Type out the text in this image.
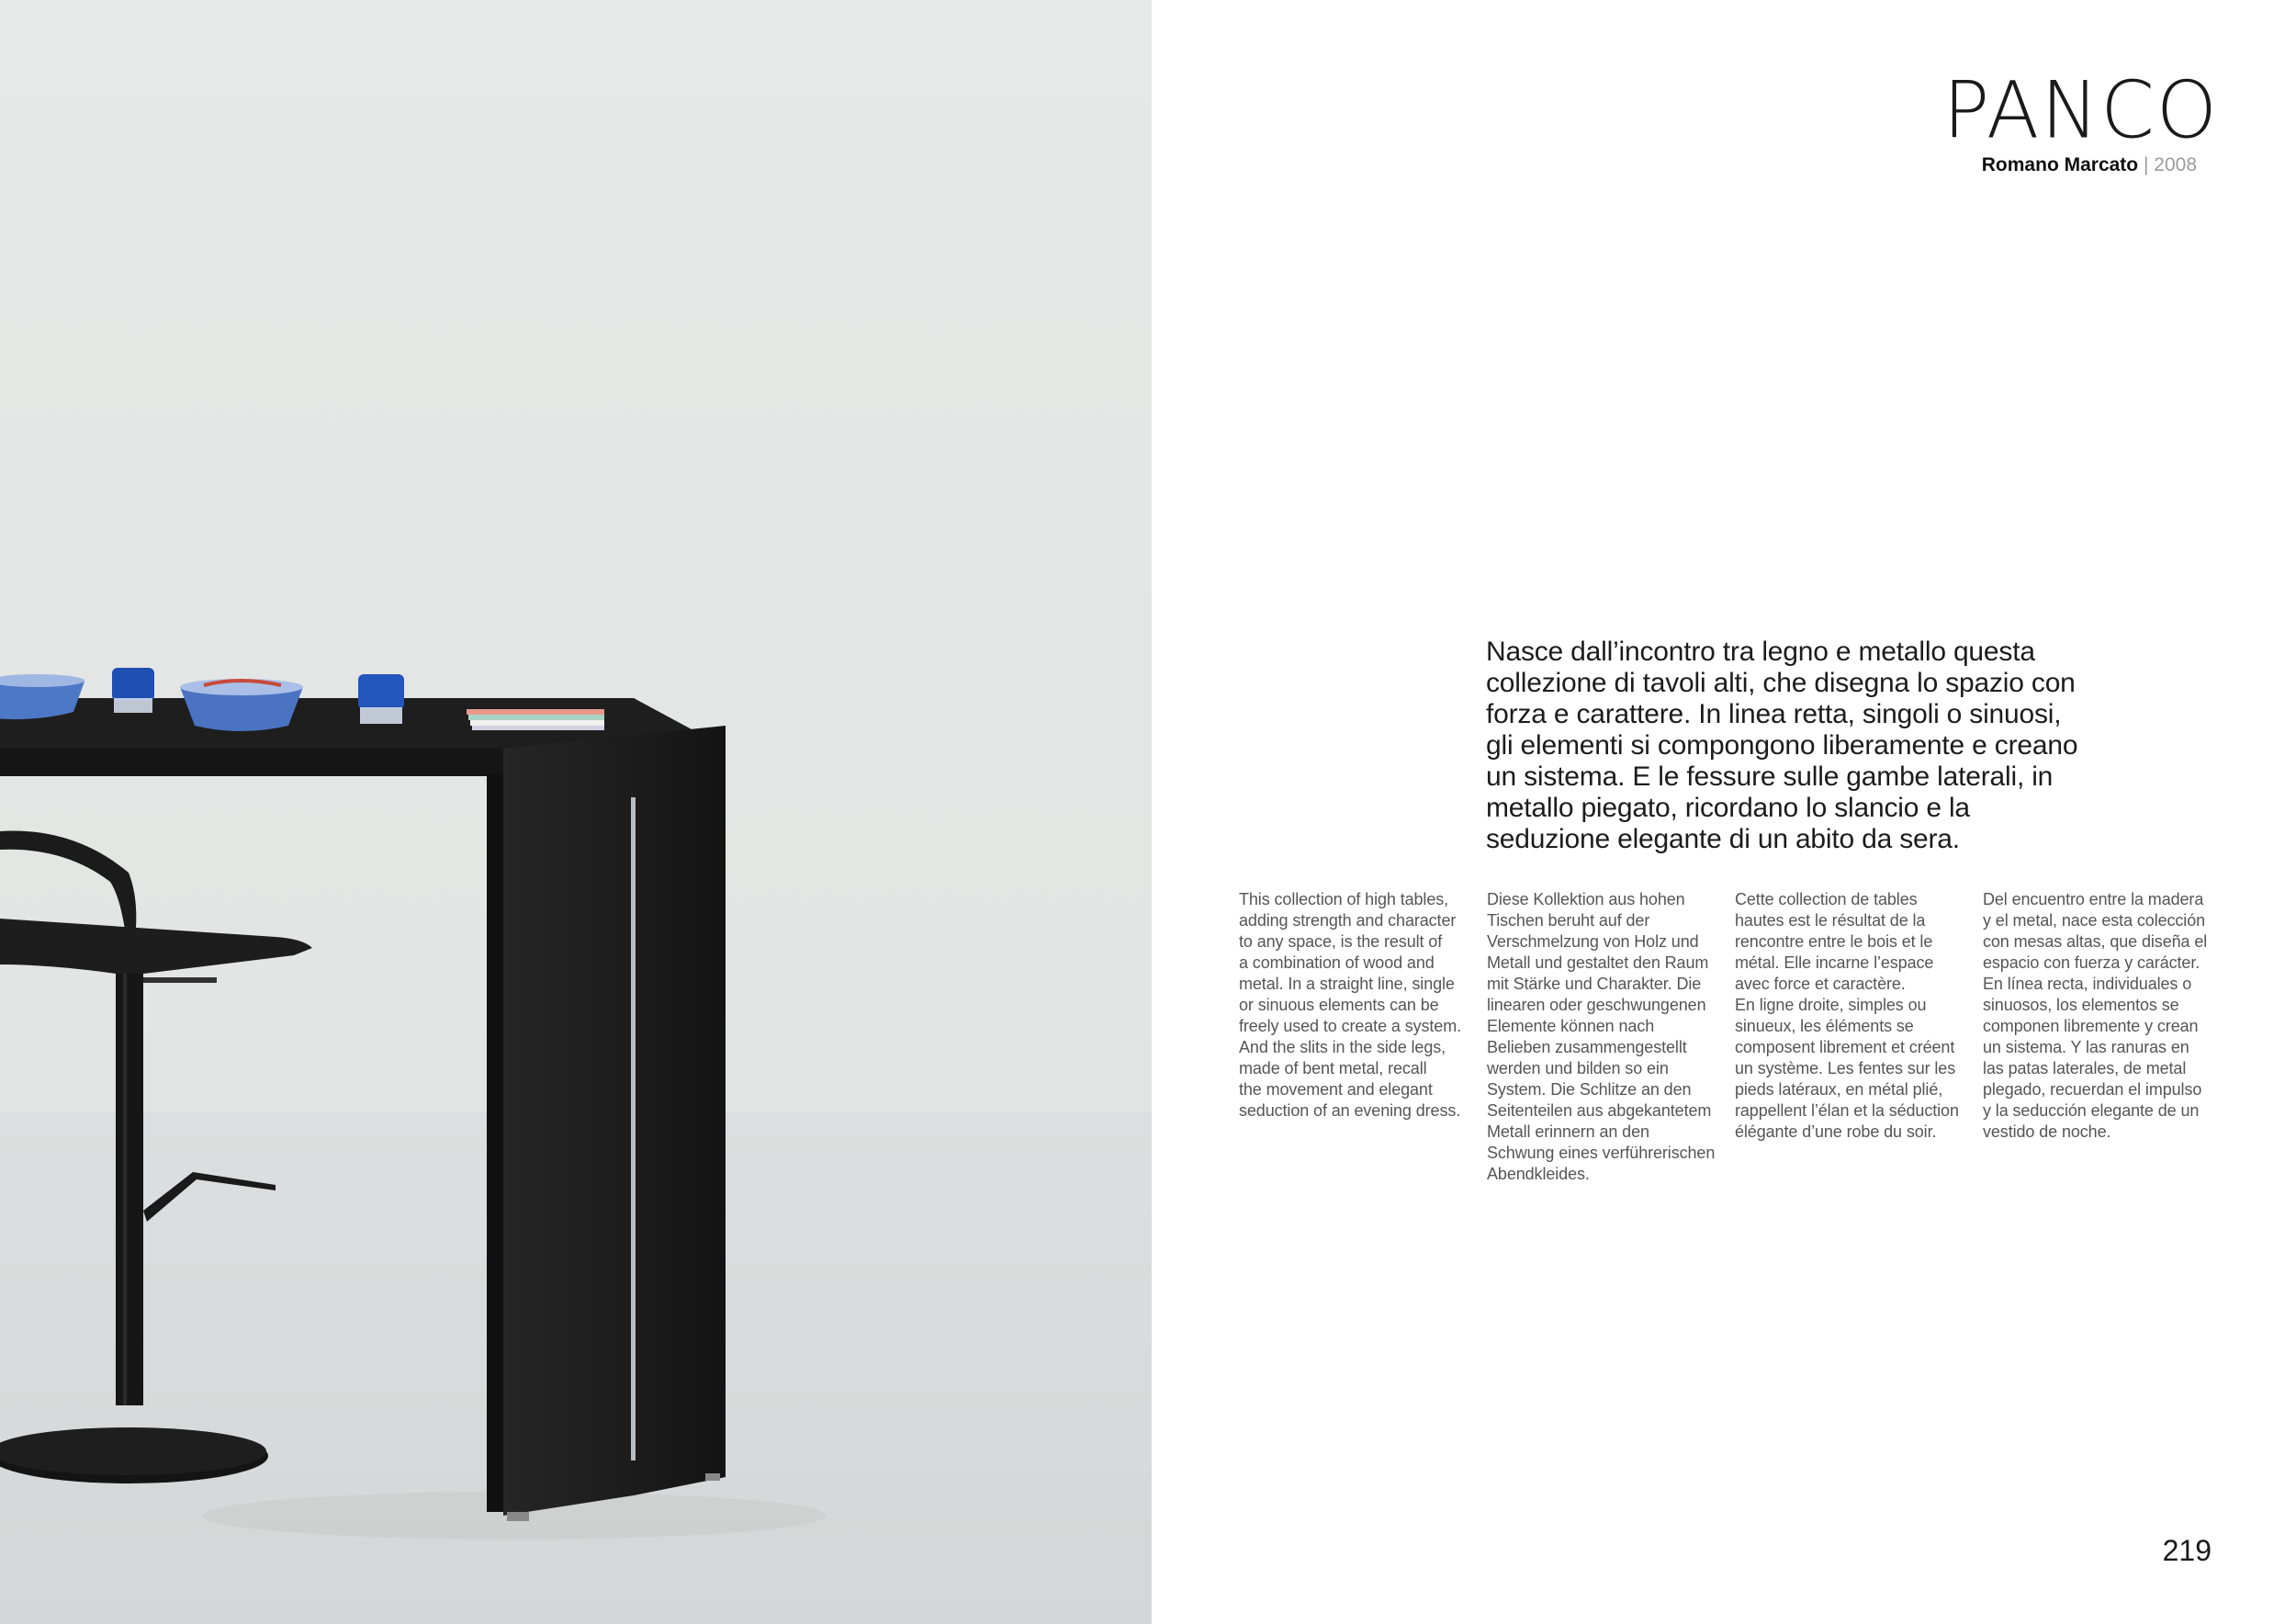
PANCO
Romano Marcato | 2008

Nasce dall’incontro tra legno e metallo questa collezione di tavoli alti, che disegna lo spazio con forza e carattere. In linea retta, singoli o sinuosi, gli elementi si compongono liberamente e creano un sistema. E le fessure sulle gambe laterali, in metallo piegato, ricordano lo slancio e la seduzione elegante di un abito da sera.

This collection of high tables,
adding strength and character
to any space, is the result of
a combination of wood and
metal. In a straight line, single
or sinuous elements can be
freely used to create a system.
And the slits in the side legs,
made of bent metal, recall
the movement and elegant
seduction of an evening dress.

Diese Kollektion aus hohen
Tischen beruht auf der
Verschmelzung von Holz und
Metall und gestaltet den Raum
mit Stärke und Charakter. Die
linearen oder geschwungenen
Elemente können nach
Belieben zusammengestellt
werden und bilden so ein
System. Die Schlitze an den
Seitenteilen aus abgekantetem
Metall erinnern an den
Schwung eines verführerischen
Abendkleides.

Cette collection de tables
hautes est le résultat de la
rencontre entre le bois et le
métal. Elle incarne l’espace
avec force et caractère.
En ligne droite, simples ou
sinueux, les éléments se
composent librement et créent
un système. Les fentes sur les
pieds latéraux, en métal plié,
rappellent l’élan et la séduction
élégante d’une robe du soir.

Del encuentro entre la madera
y el metal, nace esta colección
con mesas altas, que diseña el
espacio con fuerza y carácter.
En línea recta, individuales o
sinuosos, los elementos se
componen libremente y crean
un sistema. Y las ranuras en
las patas laterales, de metal
plegado, recuerdan el impulso
y la seducción elegante de un
vestido de noche.

219
